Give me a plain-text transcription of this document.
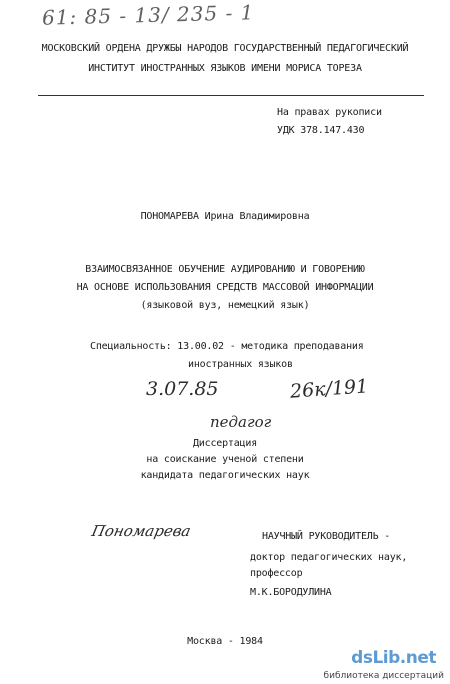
61: 85 - 13/ 235 - 1
МОСКОВСКИЙ ОРДЕНА ДРУЖБЫ НАРОДОВ ГОСУДАРСТВЕННЫЙ ПЕДАГОГИЧЕСКИЙ
ИНСТИТУТ ИНОСТРАННЫХ ЯЗЫКОВ ИМЕНИ МОРИСА ТОРЕЗА
На правах рукописи
УДК 378.147.430
ПОНОМАРЕВА Ирина Владимировна
ВЗАИМОСВЯЗАННОЕ ОБУЧЕНИЕ АУДИРОВАНИЮ И ГОВОРЕНИЮ
НА ОСНОВЕ ИСПОЛЬЗОВАНИЯ СРЕДСТВ МАССОВОЙ ИНФОРМАЦИИ
(языковой вуз, немецкий язык)
Специальность: 13.00.02 - методика преподавания
иностранных языков
3.07.85	26к/191
педагог
Диссертация
на соискание ученой степени
кандидата педагогических наук
Пономарева	НАУЧНЫЙ РУКОВОДИТЕЛЬ -
доктор педагогических наук,
профессор
М.К.БОРОДУЛИНА
Москва - 1984
dsLib.net
библиотека диссертаций
